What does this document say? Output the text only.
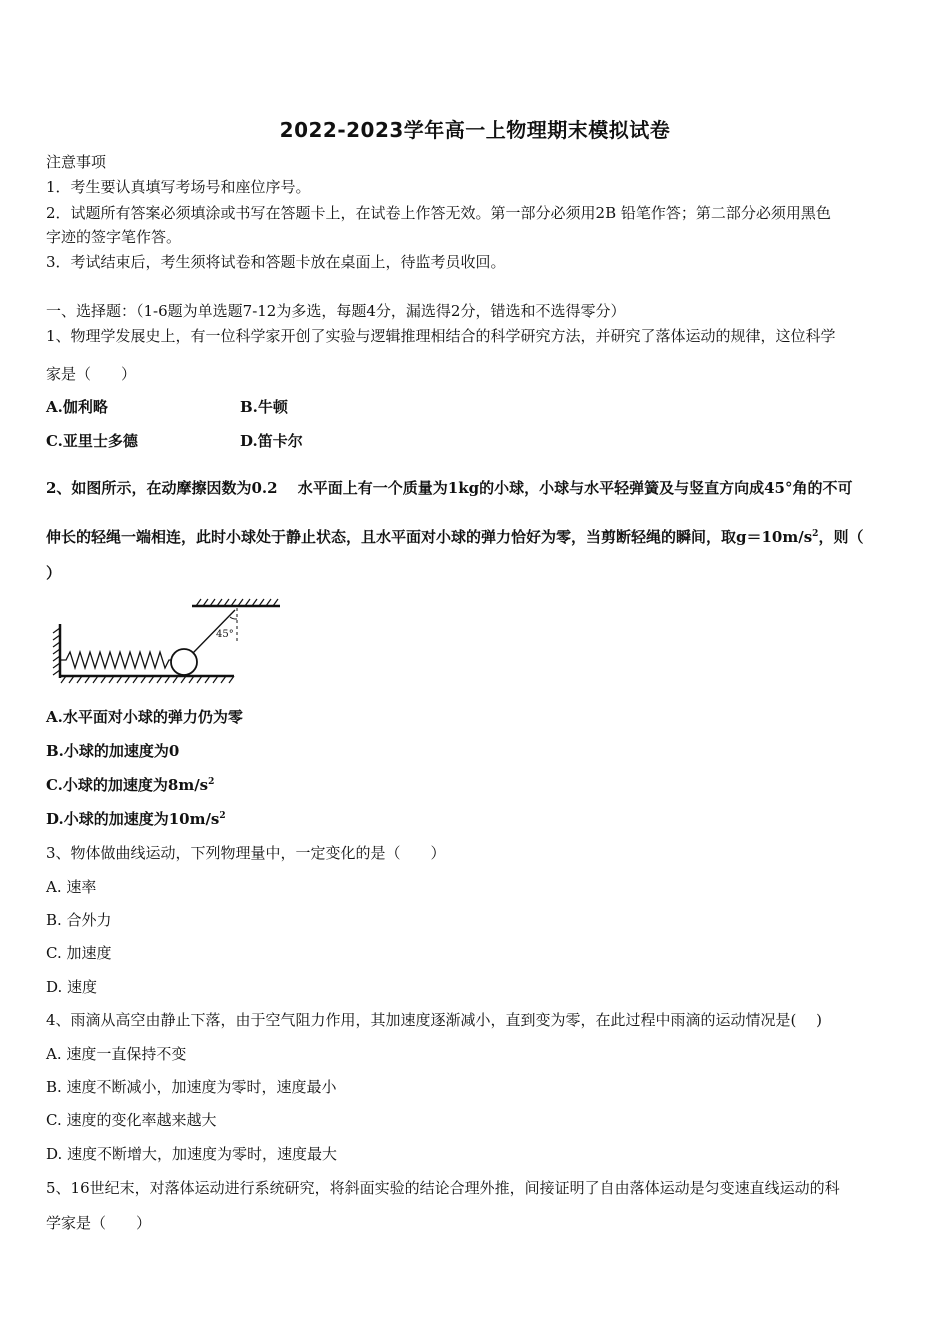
2022-2023学年高一上物理期末模拟试卷
注意事项
1．考生要认真填写考场号和座位序号。
2．试题所有答案必须填涂或书写在答题卡上，在试卷上作答无效。第一部分必须用2B 铅笔作答；第二部分必须用黑色
字迹的签字笔作答。
3．考试结束后，考生须将试卷和答题卡放在桌面上，待监考员收回。
一、选择题：（1-6题为单选题7-12为多选，每题4分，漏选得2分，错选和不选得零分）
1、物理学发展史上，有一位科学家开创了实验与逻辑推理相结合的科学研究方法，并研究了落体运动的规律，这位科学
家是（　　）
A.伽利略	B.牛顿
C.亚里士多德	D.笛卡尔
2、如图所示，在动摩擦因数为0.2　 水平面上有一个质量为1kg的小球，小球与水平轻弹簧及与竖直方向成45°角的不可
伸长的轻绳一端相连，此时小球处于静止状态，且水平面对小球的弹力恰好为零，当剪断轻绳的瞬间，取$g=10m/s^2$，则（
）
45°
A.水平面对小球的弹力仍为零
B.小球的加速度为0
C.小球的加速度为$8m/s^2$
D.小球的加速度为$10m/s^2$
3、物体做曲线运动，下列物理量中，一定变化的是（　　）
A. 速率
B. 合外力
C. 加速度
D. 速度
4、雨滴从高空由静止下落，由于空气阻力作用，其加速度逐渐减小，直到变为零，在此过程中雨滴的运动情况是(　 )
A. 速度一直保持不变
B. 速度不断减小，加速度为零时，速度最小
C. 速度的变化率越来越大
D. 速度不断增大，加速度为零时，速度最大
5、16世纪末，对落体运动进行系统研究，将斜面实验的结论合理外推，间接证明了自由落体运动是匀变速直线运动的科
学家是（　　）
